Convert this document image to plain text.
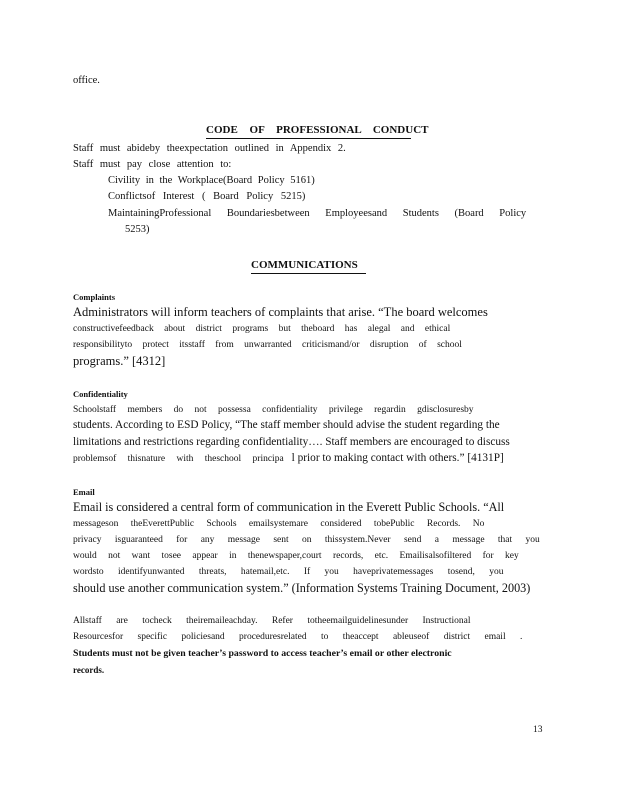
office.
CODE OF PROFESSIONAL CONDUCT
Staff must abideby theexpectation outlined in Appendix 2.
Staff must pay close attention to:
Civility in the Workplace(Board Policy 5161)
Conflictsof Interest ( Board Policy 5215)
MaintainingProfessional Boundariesbetween Employeesand Students (Board Policy
5253)
COMMUNICATIONS
Complaints
Administrators will inform teachers of complaints that arise. “The board welcomes
constructivefeedback about district programs but theboard has alegal and ethical
responsibilityto protect itsstaff from unwarranted criticismand/or disruption of school
programs.” [4312]
Confidentiality
Schoolstaff members do not possessa confidentiality privilege regardin gdisclosuresby
students. According to ESD Policy, “The staff member should advise the student regarding the
limitations and restrictions regarding confidentiality…. Staff members are encouraged to discuss
problemsof thisnature with theschool principa l prior to making contact with others.” [4131P]
Email
Email is considered a central form of communication in the Everett Public Schools. “All
messageson theEverettPublic Schools emailsystemare considered tobePublic Records. No
privacy isguaranteed for any message sent on thissystem.Never send a message that you
would not want tosee appear in thenewspaper,court records, etc. Emailisalsofiltered for key
wordsto identifyunwanted threats, hatemail,etc. If you haveprivatemessages tosend, you
should use another communication system.” (Information Systems Training Document, 2003)
Allstaff are tocheck theiremaileachday. Refer totheemailguidelinesunder Instructional
Resourcesfor specific policiesand proceduresrelated to theaccept ableuseof district email .
Students must not be given teacher’s password to access teacher’s email or other electronic
records.
13
